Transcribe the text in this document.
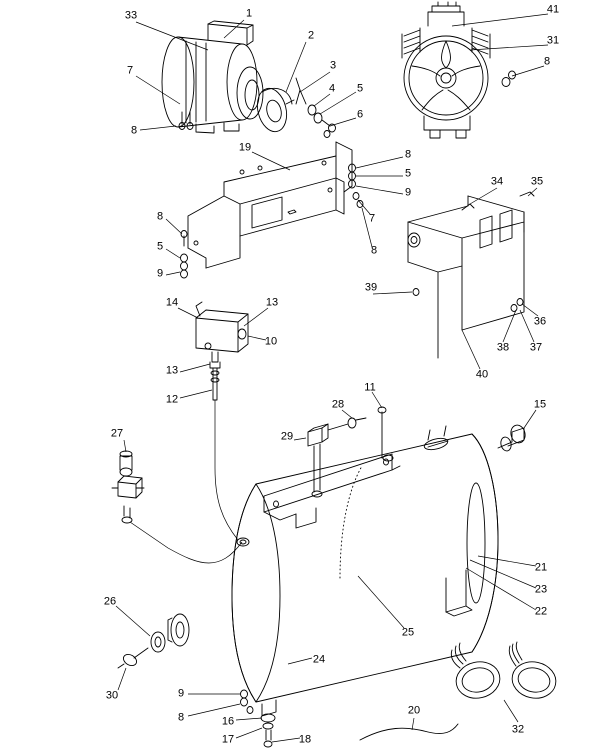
33	1	41
2	31
3	8
7
4 5
6
8
19
8
5
9
34	35
8	7
5	8
9
39
36
14	13
38 37
10
13	40
12
11
28	15
29
27
21
23
22
26
25
24
30	9
20
32
8	16
17	18
